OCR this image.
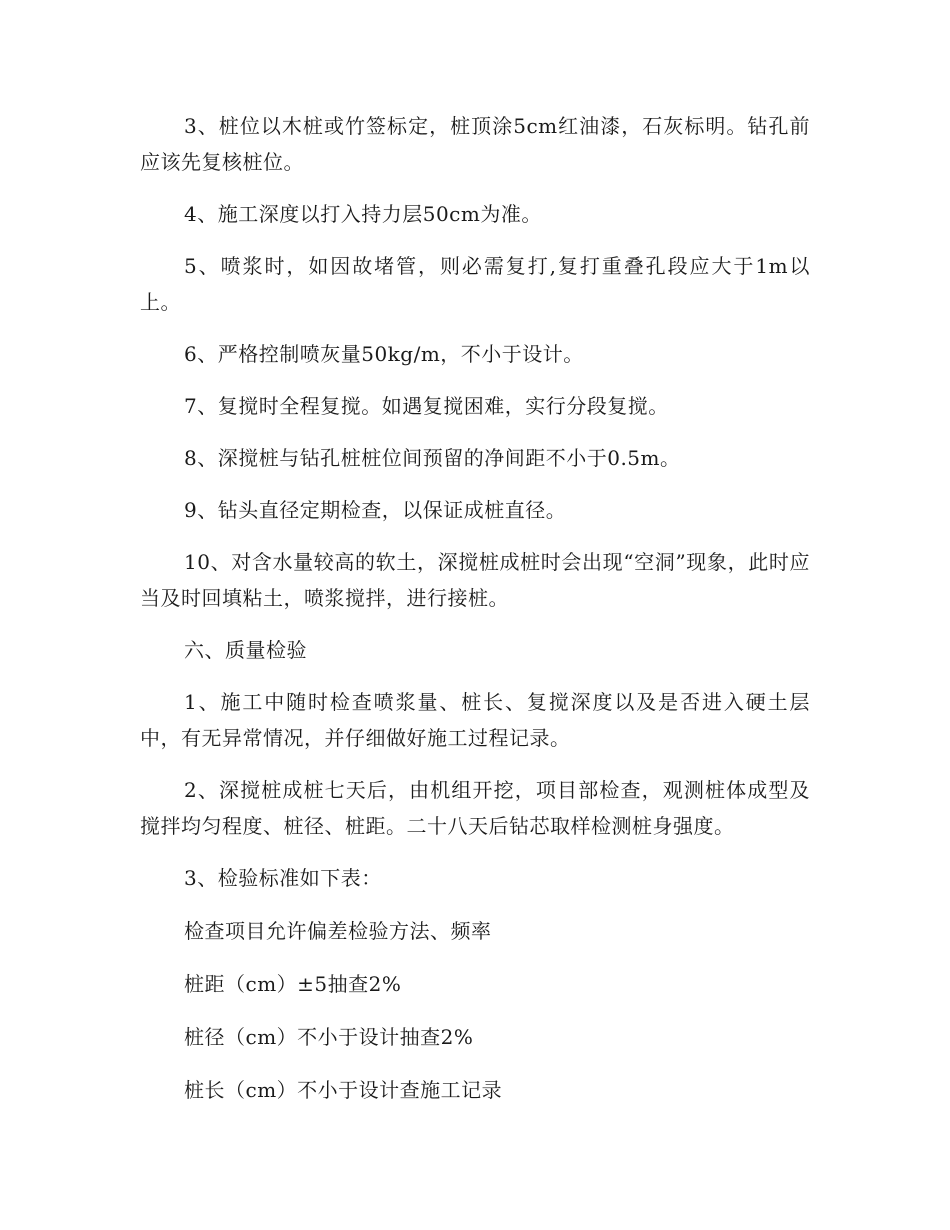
3、桩位以木桩或竹签标定，桩顶涂5cm红油漆，石灰标明。钻孔前应该先复核桩位。

4、施工深度以打入持力层50cm为准。

5、喷浆时，如因故堵管，则必需复打,复打重叠孔段应大于1m以上。

6、严格控制喷灰量50kg/m，不小于设计。

7、复搅时全程复搅。如遇复搅困难，实行分段复搅。

8、深搅桩与钻孔桩桩位间预留的净间距不小于0.5m。

9、钻头直径定期检查，以保证成桩直径。

10、对含水量较高的软土，深搅桩成桩时会出现“空洞”现象，此时应当及时回填粘土，喷浆搅拌，进行接桩。

六、质量检验

1、施工中随时检查喷浆量、桩长、复搅深度以及是否进入硬土层中，有无异常情况，并仔细做好施工过程记录。

2、深搅桩成桩七天后，由机组开挖，项目部检查，观测桩体成型及搅拌均匀程度、桩径、桩距。二十八天后钻芯取样检测桩身强度。

3、检验标准如下表：

检查项目允许偏差检验方法、频率

桩距（cm）±5抽查2%

桩径（cm）不小于设计抽查2%

桩长（cm）不小于设计查施工记录
